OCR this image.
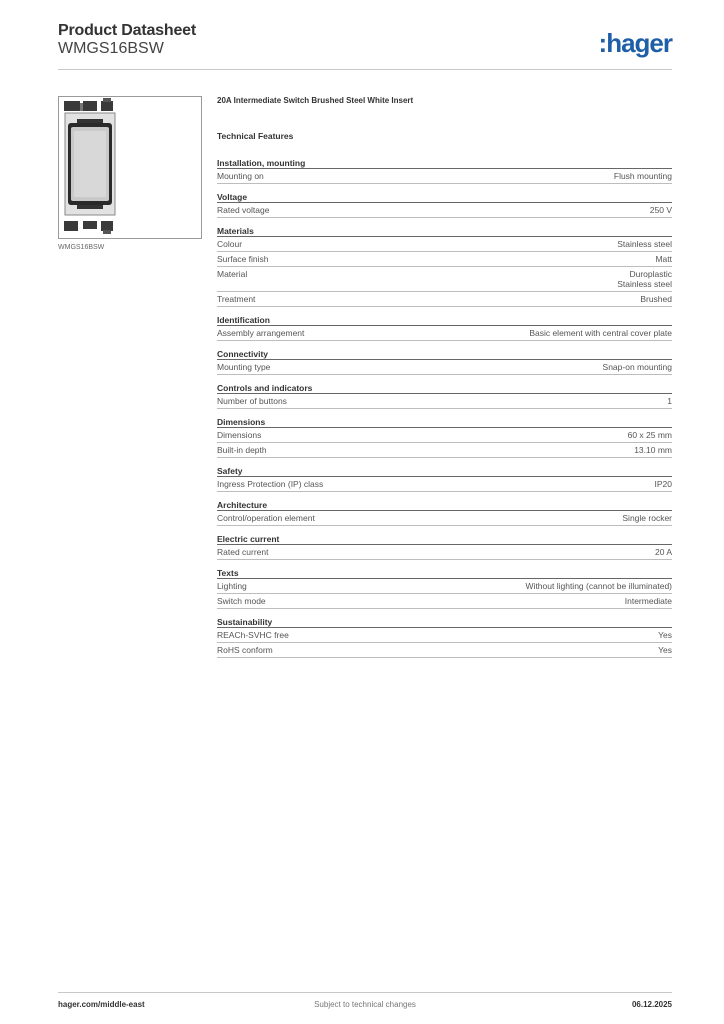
Product Datasheet
WMGS16BSW	:hager
WMGS16BSW
20A Intermediate Switch Brushed Steel White Insert
Technical Features
Installation, mounting
Mounting on	Flush mounting
Voltage
Rated voltage	250 V
Materials
Colour	Stainless steel
Surface finish	Matt
Material	Duroplastic
Stainless steel
Treatment	Brushed
Identification
Assembly arrangement	Basic element with central cover plate
Connectivity
Mounting type	Snap-on mounting
Controls and indicators
Number of buttons	1
Dimensions
Dimensions	60 x 25 mm
Built-in depth	13.10 mm
Safety
Ingress Protection (IP) class	IP20
Architecture
Control/operation element	Single rocker
Electric current
Rated current	20 A
Texts
Lighting	Without lighting (cannot be illuminated)
Switch mode	Intermediate
Sustainability
REACh-SVHC free	Yes
RoHS conform	Yes
hager.com/middle-east	Subject to technical changes	06.12.2025
